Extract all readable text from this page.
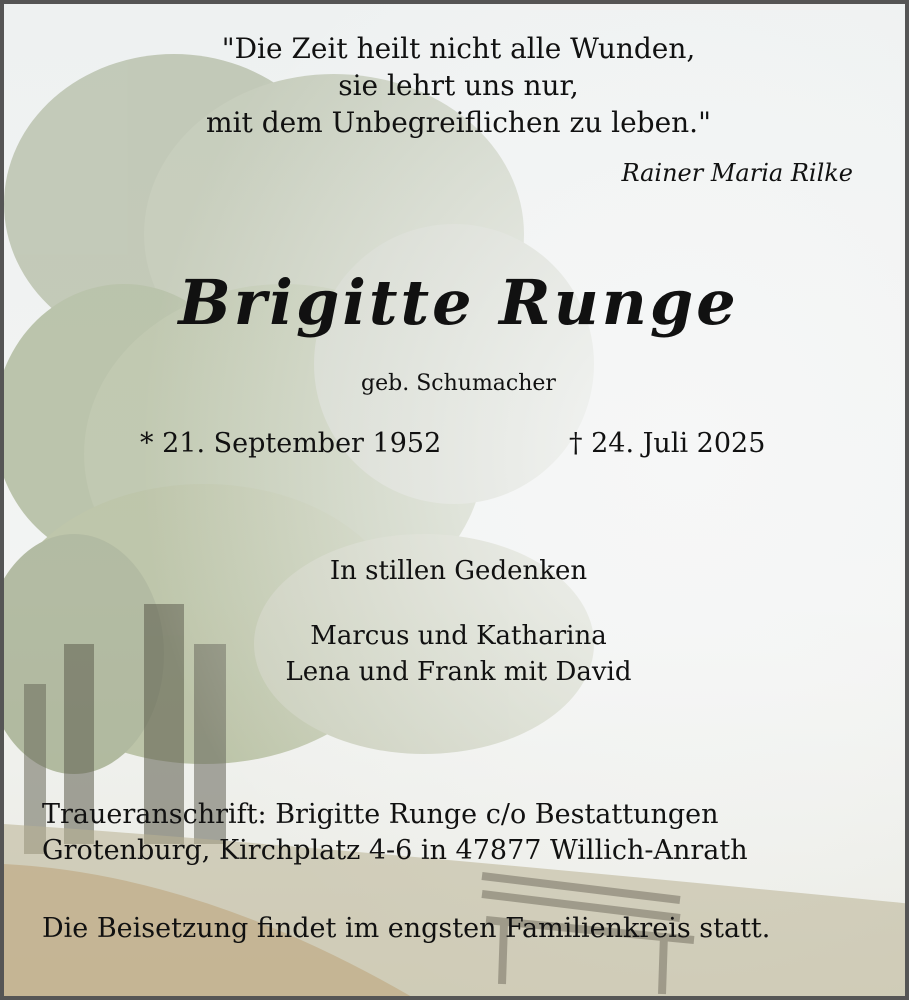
"Die Zeit heilt nicht alle Wunden,
sie lehrt uns nur,
mit dem Unbegreiflichen zu leben."
Rainer Maria Rilke
Brigitte Runge
geb. Schumacher
* 21. September 1952	† 24. Juli 2025
In stillen Gedenken
Marcus und Katharina
Lena und Frank mit David
Traueranschrift: Brigitte Runge c/o Bestattungen
Grotenburg, Kirchplatz 4-6 in 47877 Willich-Anrath
Die Beisetzung findet im engsten Familienkreis statt.
